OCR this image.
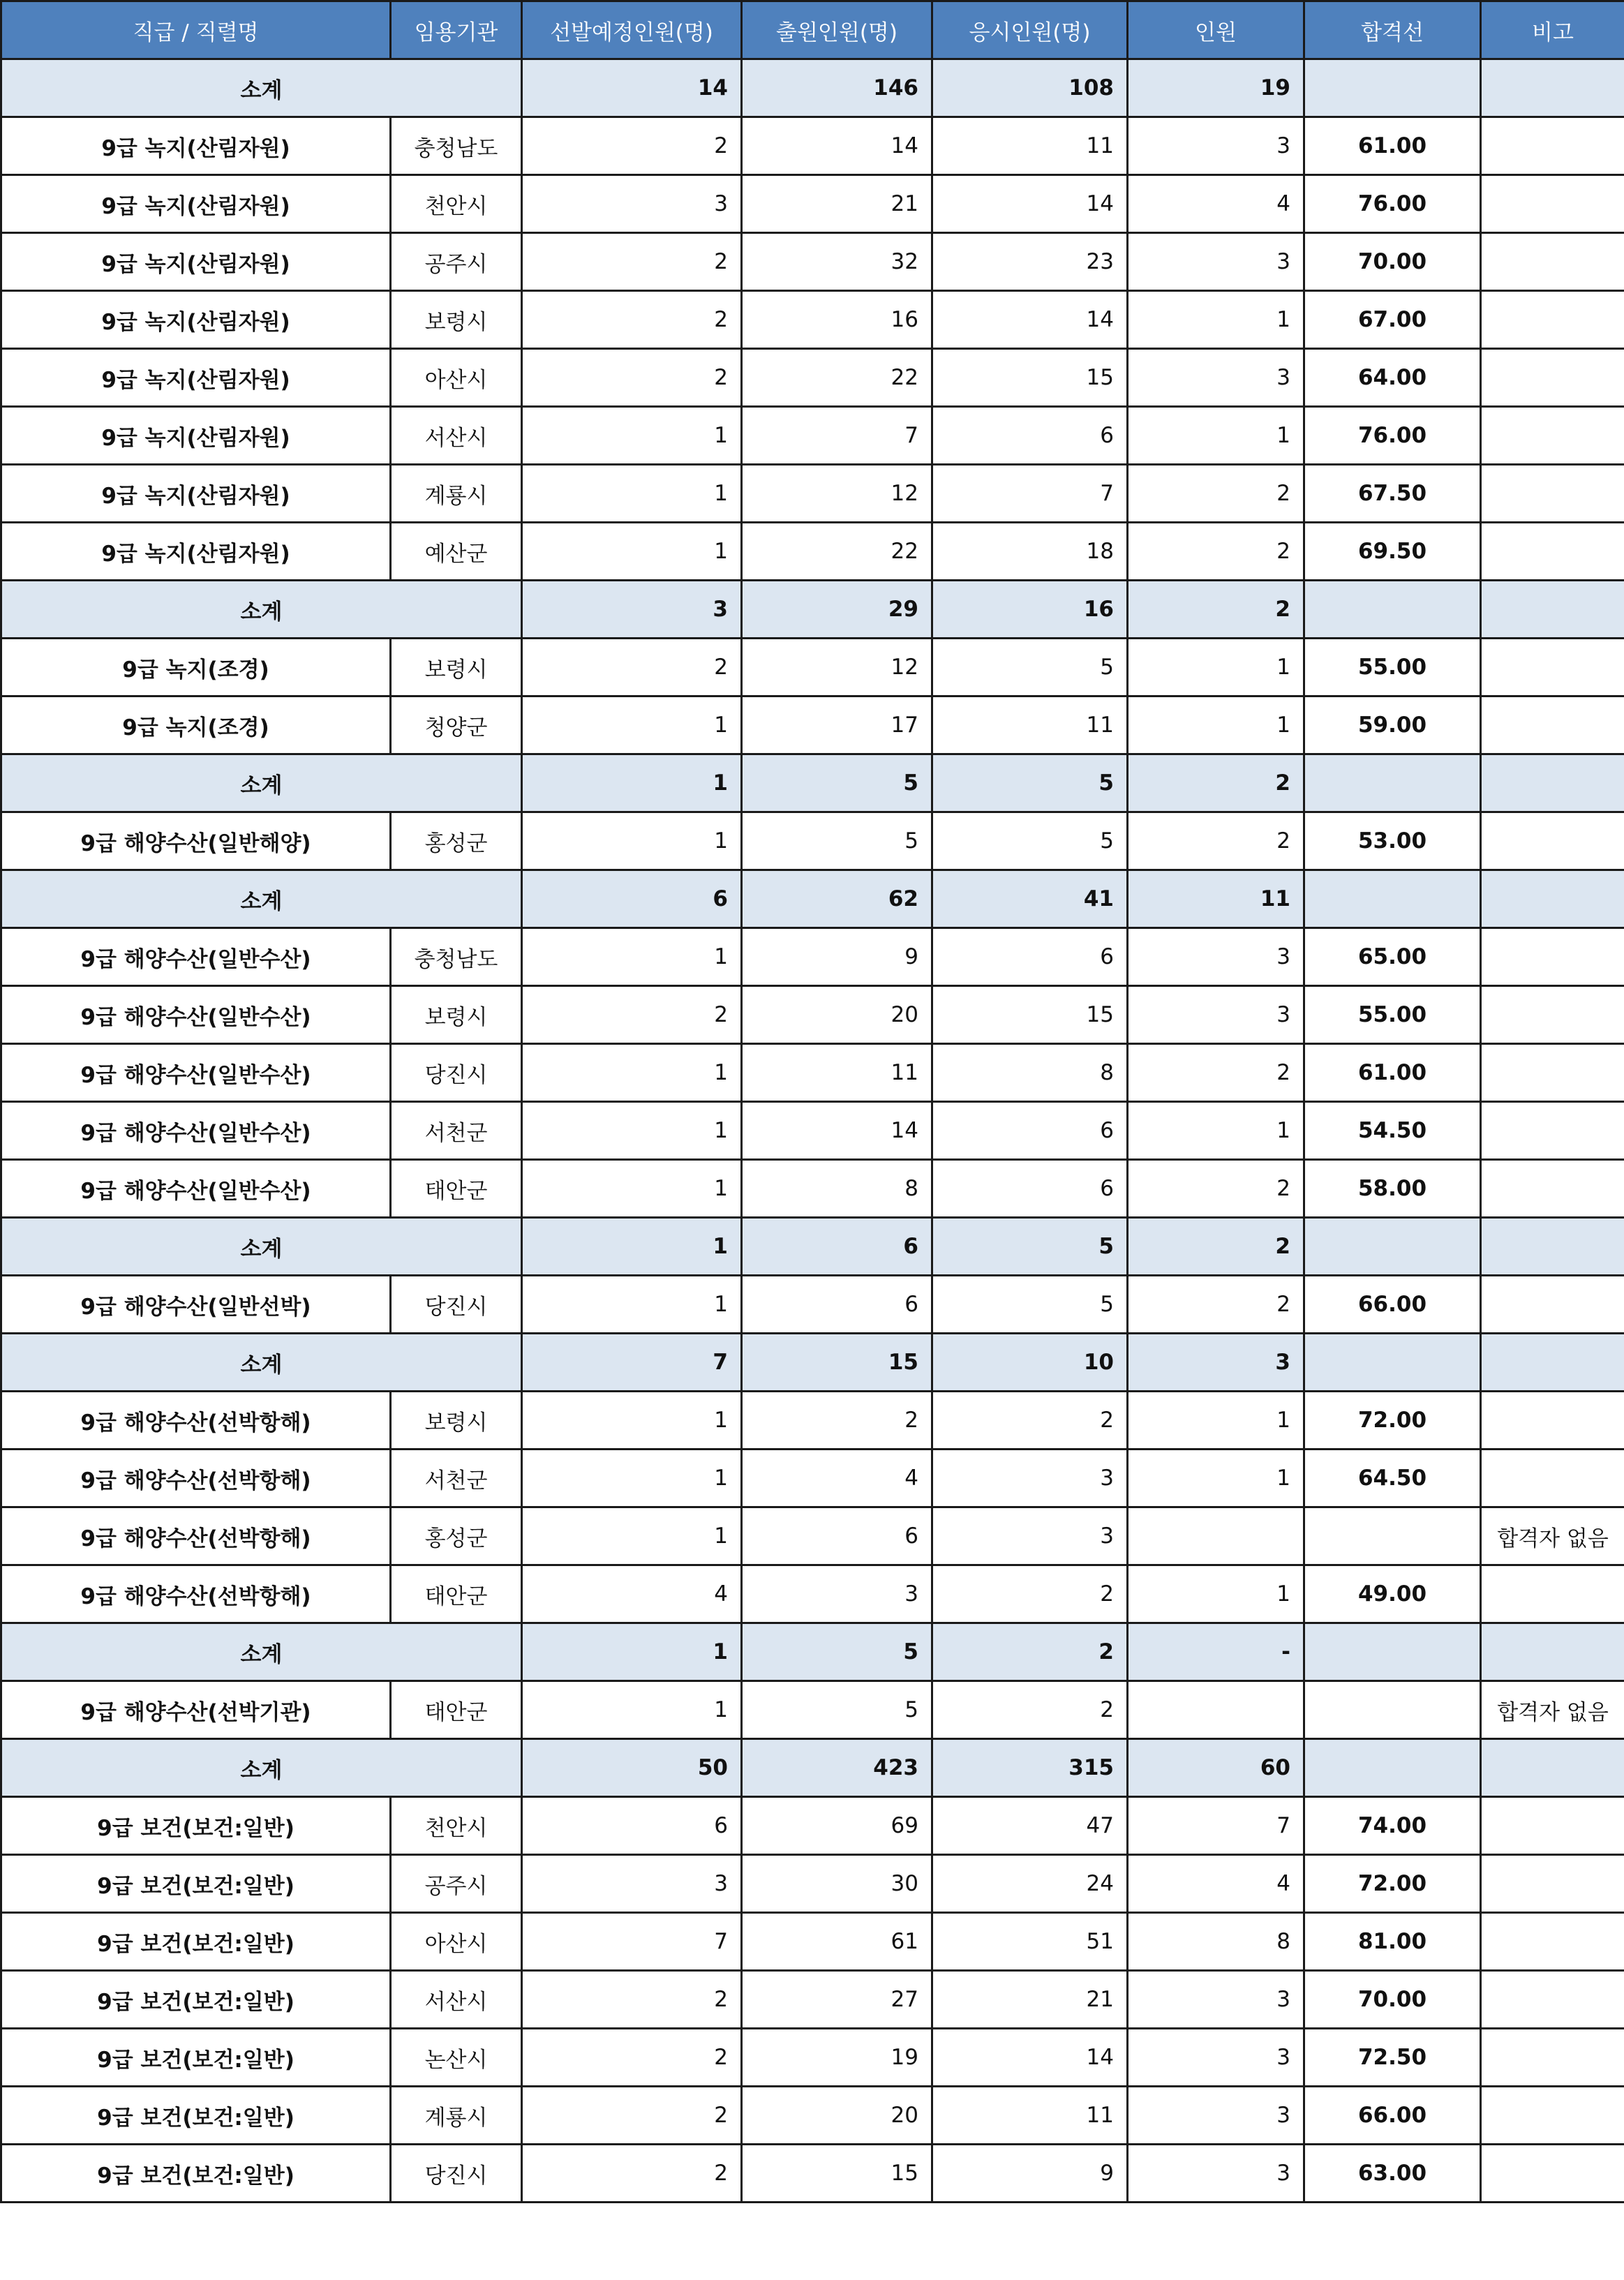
직급 / 직렬명	임용기관	선발예정인원(명)	출원인원(명)	응시인원(명)	인원	합격선	비고
소계		14	146	108	19		
9급 녹지(산림자원)	충청남도	2	14	11	3	61.00	
9급 녹지(산림자원)	천안시	3	21	14	4	76.00	
9급 녹지(산림자원)	공주시	2	32	23	3	70.00	
9급 녹지(산림자원)	보령시	2	16	14	1	67.00	
9급 녹지(산림자원)	아산시	2	22	15	3	64.00	
9급 녹지(산림자원)	서산시	1	7	6	1	76.00	
9급 녹지(산림자원)	계룡시	1	12	7	2	67.50	
9급 녹지(산림자원)	예산군	1	22	18	2	69.50	
소계		3	29	16	2		
9급 녹지(조경)	보령시	2	12	5	1	55.00	
9급 녹지(조경)	청양군	1	17	11	1	59.00	
소계		1	5	5	2		
9급 해양수산(일반해양)	홍성군	1	5	5	2	53.00	
소계		6	62	41	11		
9급 해양수산(일반수산)	충청남도	1	9	6	3	65.00	
9급 해양수산(일반수산)	보령시	2	20	15	3	55.00	
9급 해양수산(일반수산)	당진시	1	11	8	2	61.00	
9급 해양수산(일반수산)	서천군	1	14	6	1	54.50	
9급 해양수산(일반수산)	태안군	1	8	6	2	58.00	
소계		1	6	5	2		
9급 해양수산(일반선박)	당진시	1	6	5	2	66.00	
소계		7	15	10	3		
9급 해양수산(선박항해)	보령시	1	2	2	1	72.00	
9급 해양수산(선박항해)	서천군	1	4	3	1	64.50	
9급 해양수산(선박항해)	홍성군	1	6	3			합격자 없음
9급 해양수산(선박항해)	태안군	4	3	2	1	49.00	
소계		1	5	2	-		
9급 해양수산(선박기관)	태안군	1	5	2			합격자 없음
소계		50	423	315	60		
9급 보건(보건:일반)	천안시	6	69	47	7	74.00	
9급 보건(보건:일반)	공주시	3	30	24	4	72.00	
9급 보건(보건:일반)	아산시	7	61	51	8	81.00	
9급 보건(보건:일반)	서산시	2	27	21	3	70.00	
9급 보건(보건:일반)	논산시	2	19	14	3	72.50	
9급 보건(보건:일반)	계룡시	2	20	11	3	66.00	
9급 보건(보건:일반)	당진시	2	15	9	3	63.00	
